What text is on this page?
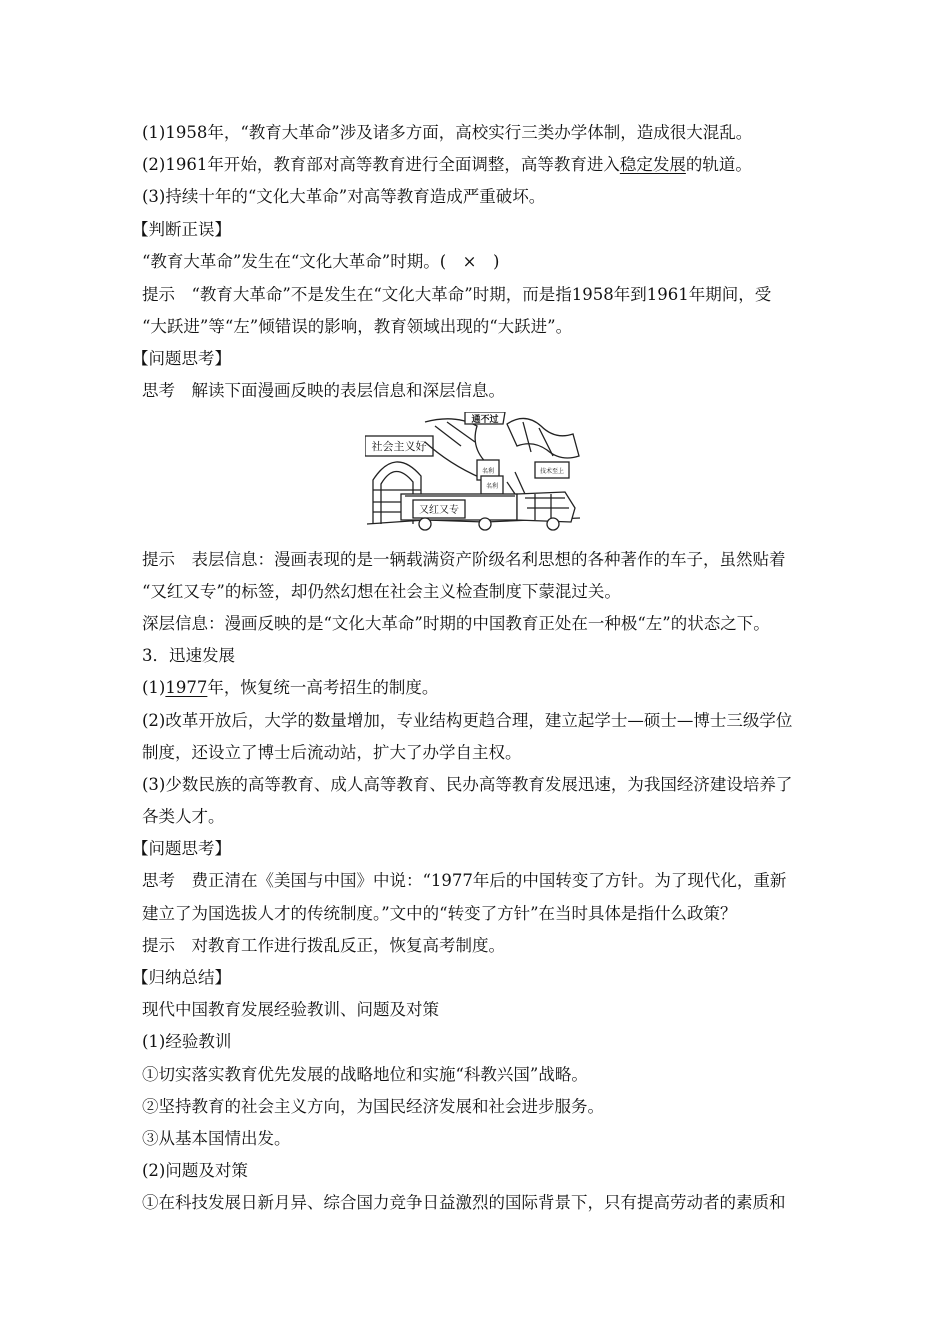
(1)1958年，“教育大革命”涉及诸多方面，高校实行三类办学体制，造成很大混乱。
(2)1961年开始，教育部对高等教育进行全面调整，高等教育进入稳定发展的轨道。
(3)持续十年的“文化大革命”对高等教育造成严重破坏。
【判断正误】
“教育大革命”发生在“文化大革命”时期。(　×　)
提示　“教育大革命”不是发生在“文化大革命”时期，而是指1958年到1961年期间，受
“大跃进”等“左”倾错误的影响，教育领域出现的“大跃进”。
【问题思考】
思考　解读下面漫画反映的表层信息和深层信息。
社会主义好
通不过
又红又专
名利
名利
技术至上
提示　表层信息：漫画表现的是一辆载满资产阶级名利思想的各种著作的车子，虽然贴着
“又红又专”的标签，却仍然幻想在社会主义检查制度下蒙混过关。
深层信息：漫画反映的是“文化大革命”时期的中国教育正处在一种极“左”的状态之下。
3．迅速发展
(1)1977年，恢复统一高考招生的制度。
(2)改革开放后，大学的数量增加，专业结构更趋合理，建立起学士—硕士—博士三级学位
制度，还设立了博士后流动站，扩大了办学自主权。
(3)少数民族的高等教育、成人高等教育、民办高等教育发展迅速，为我国经济建设培养了
各类人才。
【问题思考】
思考　费正清在《美国与中国》中说：“1977年后的中国转变了方针。为了现代化，重新
建立了为国选拔人才的传统制度。”文中的“转变了方针”在当时具体是指什么政策？
提示　对教育工作进行拨乱反正，恢复高考制度。
【归纳总结】
现代中国教育发展经验教训、问题及对策
(1)经验教训
①切实落实教育优先发展的战略地位和实施“科教兴国”战略。
②坚持教育的社会主义方向，为国民经济发展和社会进步服务。
③从基本国情出发。
(2)问题及对策
①在科技发展日新月异、综合国力竞争日益激烈的国际背景下，只有提高劳动者的素质和
